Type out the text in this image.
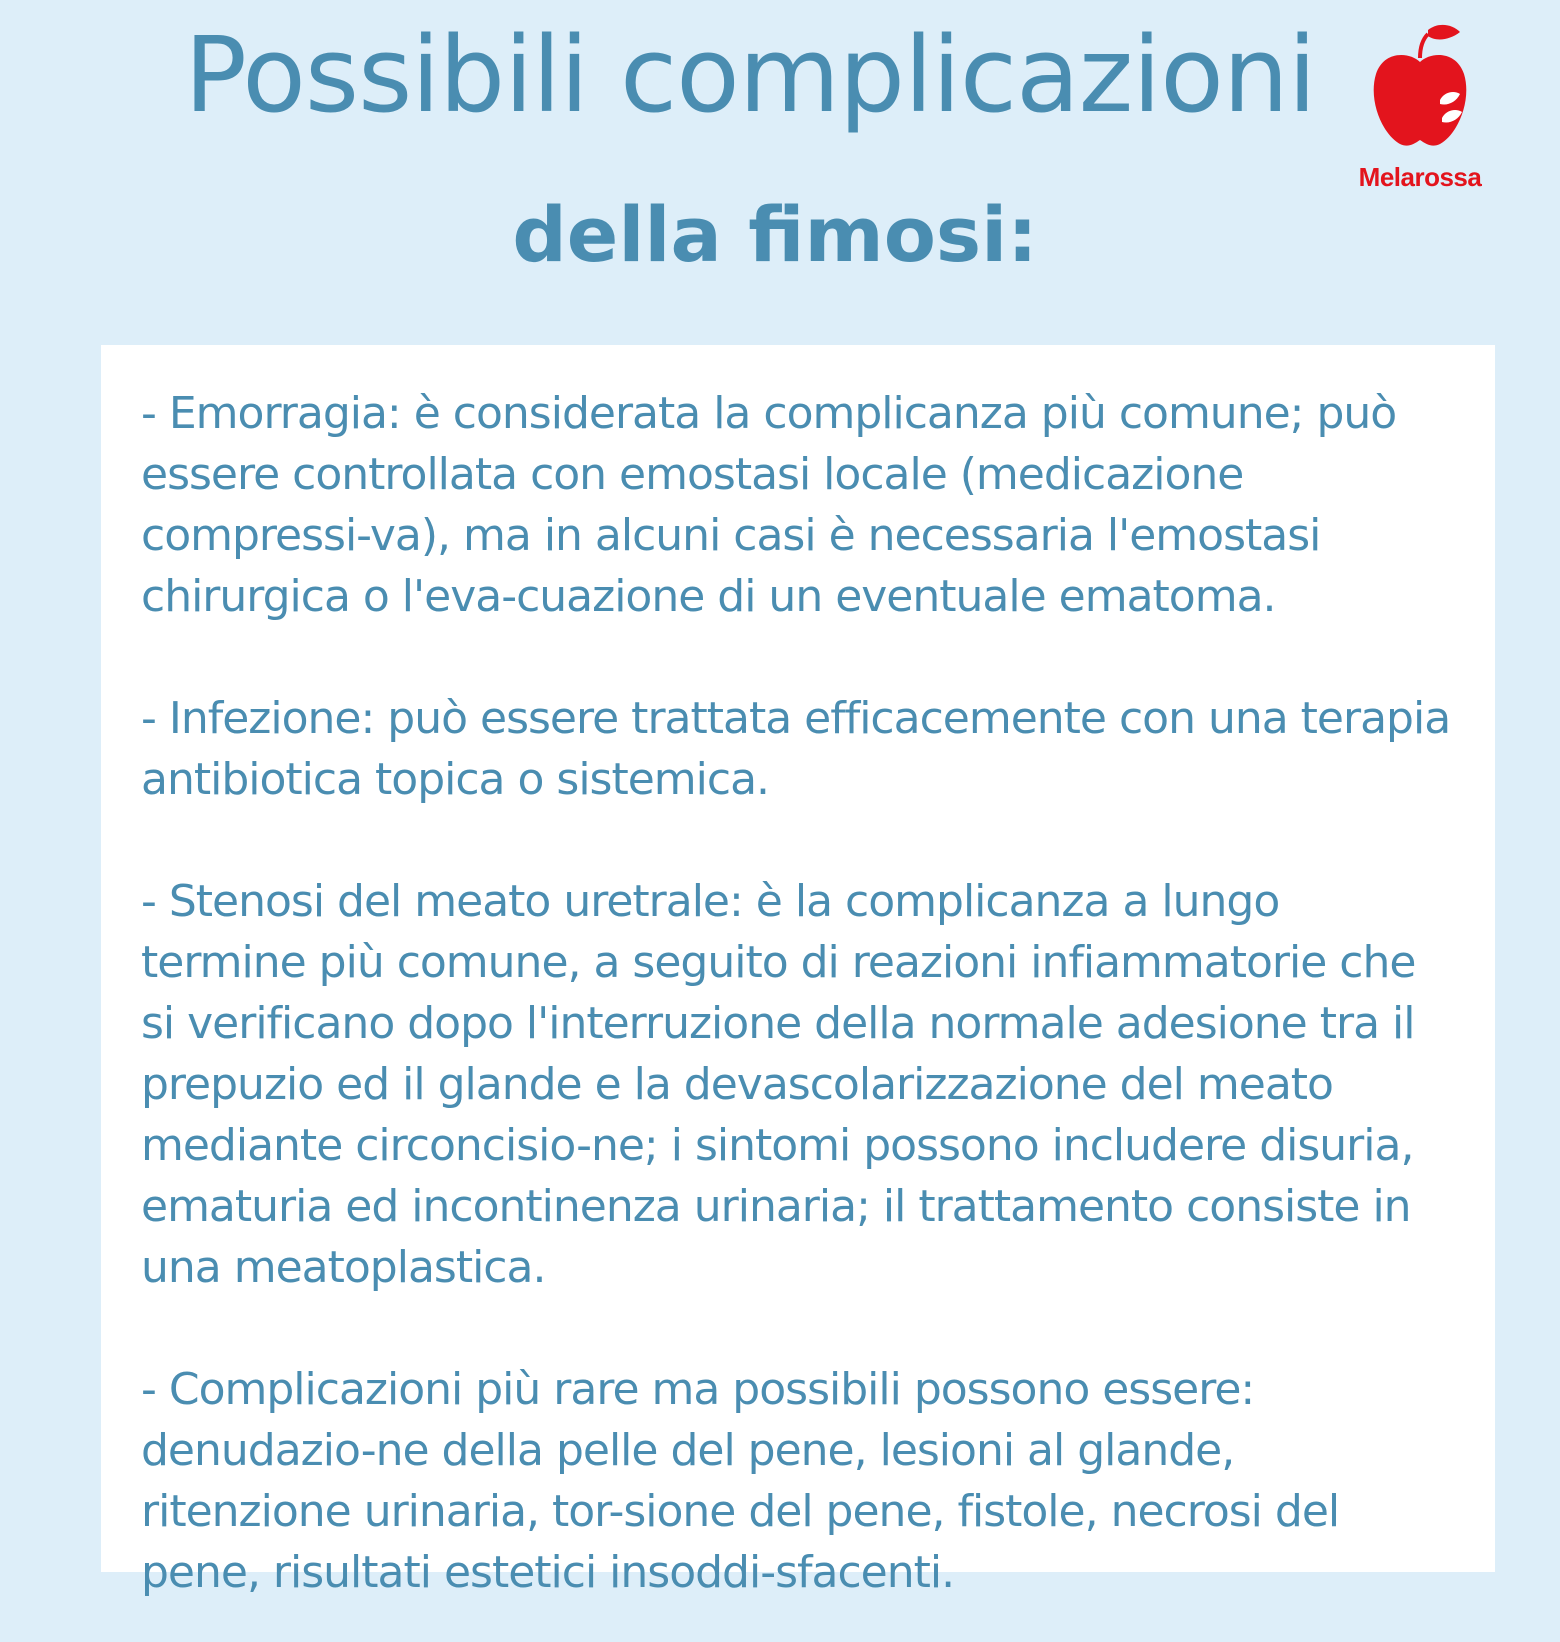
Possibili complicazioni
della fimosi:
Melarossa

- Emorragia: è considerata la complicanza più comune; può essere controllata con emostasi locale (medicazione compressi-va), ma in alcuni casi è necessaria l'emostasi chirurgica o l'eva-cuazione di un eventuale ematoma.

- Infezione: può essere trattata efficacemente con una terapia antibiotica topica o sistemica.

- Stenosi del meato uretrale: è la complicanza a lungo termine più comune, a seguito di reazioni infiammatorie che si verificano dopo l'interruzione della normale adesione tra il prepuzio ed il glande e la devascolarizzazione del meato mediante circoncisio-ne; i sintomi possono includere disuria, ematuria ed incontinenza urinaria; il trattamento consiste in una meatoplastica.

- Complicazioni più rare ma possibili possono essere: denudazio-ne della pelle del pene, lesioni al glande, ritenzione urinaria, tor-sione del pene, fistole, necrosi del pene, risultati estetici insoddi-sfacenti.
